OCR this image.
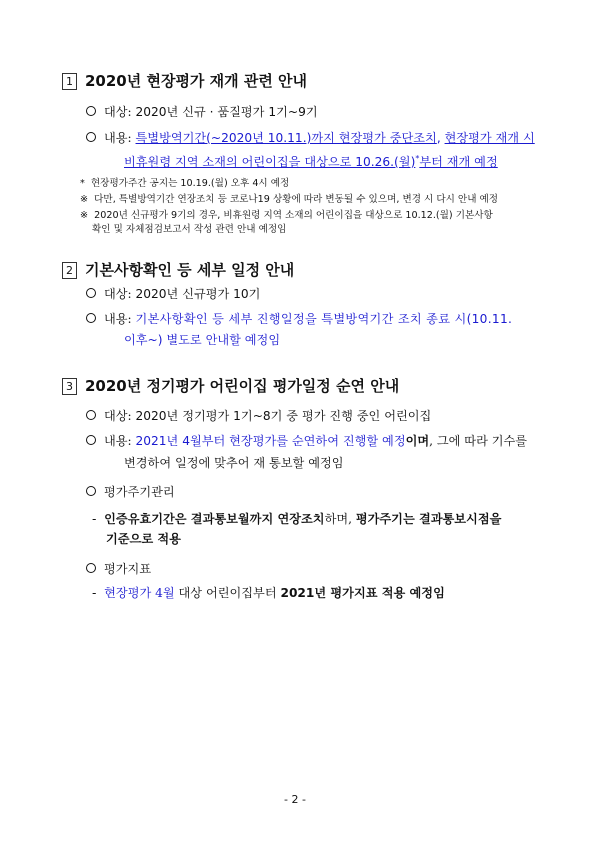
1 2020년 현장평가 재개 관련 안내
대상: 2020년 신규 · 품질평가 1기~9기
내용: 특별방역기간(~2020년 10.11.)까지 현장평가 중단조치, 현장평가 재개 시
비휴원령 지역 소재의 어린이집을 대상으로 10.26.(월)*부터 재개 예정
* 현장평가주간 공지는 10.19.(월) 오후 4시 예정
※ 다만, 특별방역기간 연장조치 등 코로나19 상황에 따라 변동될 수 있으며, 변경 시 다시 안내 예정
※ 2020년 신규평가 9기의 경우, 비휴원령 지역 소재의 어린이집을 대상으로 10.12.(월) 기본사항
확인 및 자체점검보고서 작성 관련 안내 예정임
2 기본사항확인 등 세부 일정 안내
대상: 2020년 신규평가 10기
내용: 기본사항확인 등 세부 진행일정을 특별방역기간 조치 종료 시(10.11.
이후~) 별도로 안내할 예정임
3 2020년 정기평가 어린이집 평가일정 순연 안내
대상: 2020년 정기평가 1기~8기 중 평가 진행 중인 어린이집
내용: 2021년 4월부터 현장평가를 순연하여 진행할 예정이며, 그에 따라 기수를
변경하여 일정에 맞추어 재 통보할 예정임
평가주기관리
- 인증유효기간은 결과통보월까지 연장조치하며, 평가주기는 결과통보시점을
기준으로 적용
평가지표
- 현장평가 4월 대상 어린이집부터 2021년 평가지표 적용 예정임
- 2 -
